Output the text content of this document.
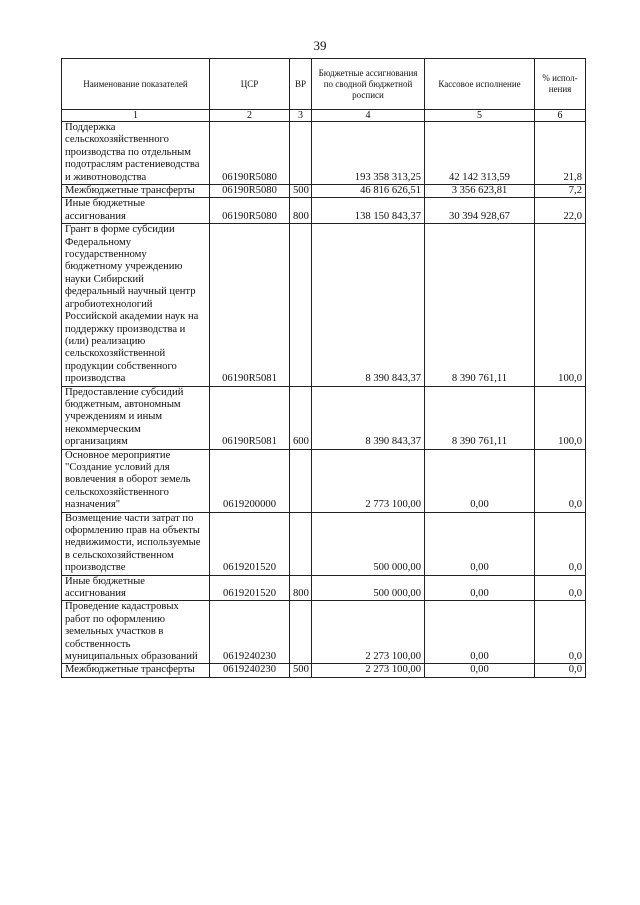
39
Наименование показателей	ЦСР	ВР	Бюджетные ассигнования по сводной бюджетной росписи	Кассовое исполнение	% испол-нения
1	2	3	4	5	6
Поддержка сельскохозяйственного производства по отдельным подотраслям растениеводства и животноводства	06190R5080		193 358 313,25	42 142 313,59	21,8
Межбюджетные трансферты	06190R5080	500	46 816 626,51	3 356 623,81	7,2
Иные бюджетные ассигнования	06190R5080	800	138 150 843,37	30 394 928,67	22,0
Грант в форме субсидии Федеральному государственному бюджетному учреждению науки Сибирский федеральный научный центр агробиотехнологий Российской академии наук на поддержку производства и (или) реализацию сельскохозяйственной продукции собственного производства	06190R5081		8 390 843,37	8 390 761,11	100,0
Предоставление субсидий бюджетным, автономным учреждениям и иным некоммерческим организациям	06190R5081	600	8 390 843,37	8 390 761,11	100,0
Основное мероприятие "Создание условий для вовлечения в оборот земель сельскохозяйственного назначения"	0619200000		2 773 100,00	0,00	0,0
Возмещение части затрат по оформлению прав на объекты недвижимости, используемые в сельскохозяйственном производстве	0619201520		500 000,00	0,00	0,0
Иные бюджетные ассигнования	0619201520	800	500 000,00	0,00	0,0
Проведение кадастровых работ по оформлению земельных участков в собственность муниципальных образований	0619240230		2 273 100,00	0,00	0,0
Межбюджетные трансферты	0619240230	500	2 273 100,00	0,00	0,0
